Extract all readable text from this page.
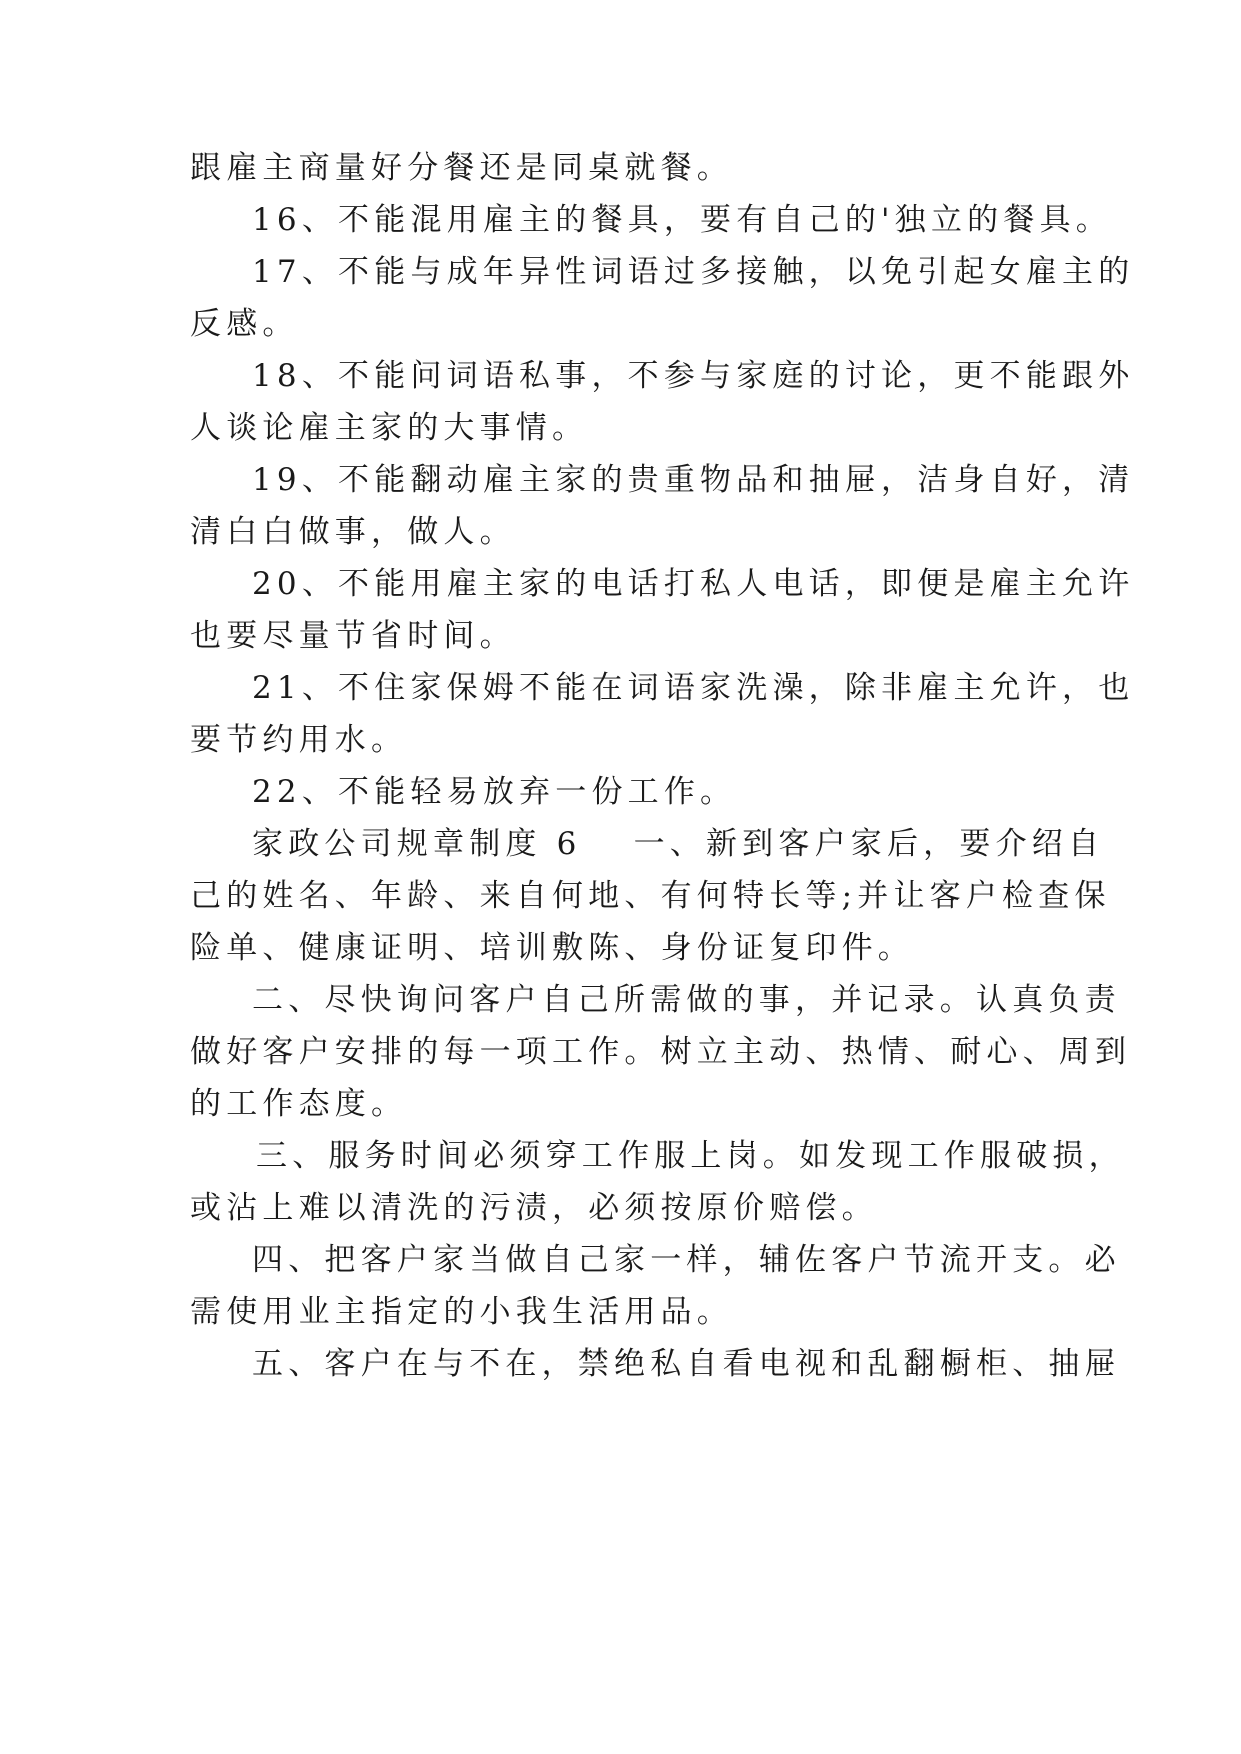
跟雇主商量好分餐还是同桌就餐。
16、不能混用雇主的餐具，要有自己的'独立的餐具。
17、不能与成年异性词语过多接触，以免引起女雇主的
反感。
18、不能问词语私事，不参与家庭的讨论，更不能跟外
人谈论雇主家的大事情。
19、不能翻动雇主家的贵重物品和抽屉，洁身自好，清
清白白做事，做人。
20、不能用雇主家的电话打私人电话，即便是雇主允许
也要尽量节省时间。
21、不住家保姆不能在词语家洗澡，除非雇主允许，也
要节约用水。
22、不能轻易放弃一份工作。
家政公司规章制度 6 一、新到客户家后，要介绍自
己的姓名、年龄、来自何地、有何特长等;并让客户检查保
险单、健康证明、培训敷陈、身份证复印件。
二、尽快询问客户自己所需做的事，并记录。认真负责
做好客户安排的每一项工作。树立主动、热情、耐心、周到
的工作态度。
三、服务时间必须穿工作服上岗。如发现工作服破损，
或沾上难以清洗的污渍，必须按原价赔偿。
四、把客户家当做自己家一样，辅佐客户节流开支。必
需使用业主指定的小我生活用品。
五、客户在与不在，禁绝私自看电视和乱翻橱柜、抽屉
